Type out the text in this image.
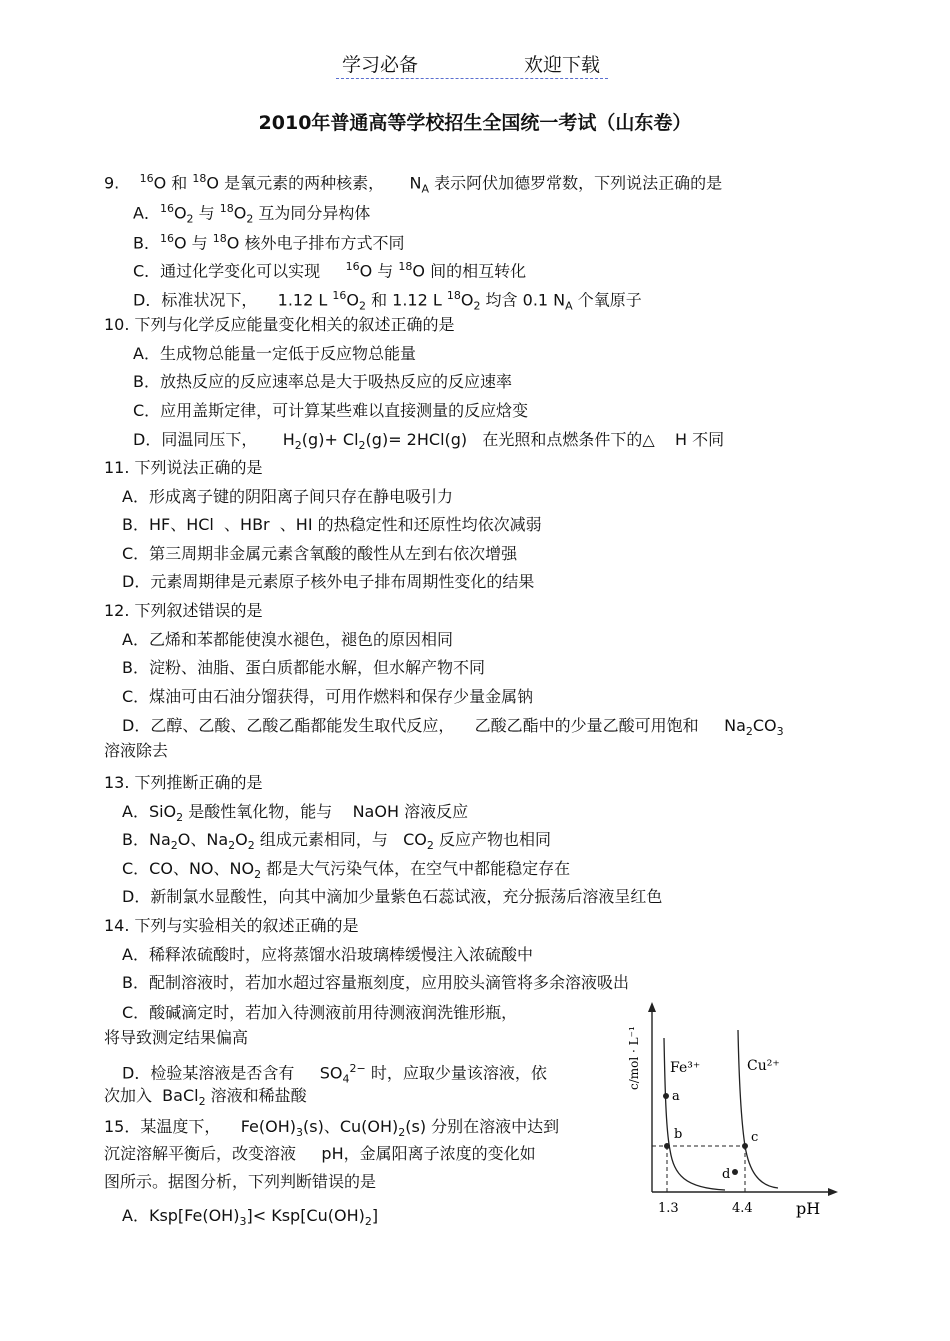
学习必备	欢迎下载
2010年普通高等学校招生全国统一考试（山东卷）
9.    $^{16}$O 和 $^{18}$O 是氧元素的两种核素，     $N_A$ 表示阿伏加德罗常数，下列说法正确的是
A．$^{16}O_2$ 与 $^{18}O_2$ 互为同分异构体
B．$^{16}$O 与 $^{18}$O 核外电子排布方式不同
C．通过化学变化可以实现     $^{16}$O 与 $^{18}$O 间的相互转化
D．标准状况下，    1.12 L $^{16}O_2$ 和 1.12 L $^{18}O_2$ 均含 0.1 $N_A$ 个氧原子
10. 下列与化学反应能量变化相关的叙述正确的是
A．生成物总能量一定低于反应物总能量
B．放热反应的反应速率总是大于吸热反应的反应速率
C．应用盖斯定律，可计算某些难以直接测量的反应焓变
D．同温同压下，     $H_2(g)+ Cl_2(g)= 2HCl(g)$   在光照和点燃条件下的△    H 不同
11. 下列说法正确的是
A．形成离子键的阴阳离子间只存在静电吸引力
B．HF、HCl  、HBr  、HI 的热稳定性和还原性均依次减弱
C．第三周期非金属元素含氧酸的酸性从左到右依次增强
D．元素周期律是元素原子核外电子排布周期性变化的结果
12. 下列叙述错误的是
A．乙烯和苯都能使溴水褪色，褪色的原因相同
B．淀粉、油脂、蛋白质都能水解，但水解产物不同
C．煤油可由石油分馏获得，可用作燃料和保存少量金属钠
D．乙醇、乙酸、乙酸乙酯都能发生取代反应，    乙酸乙酯中的少量乙酸可用饱和     $Na_2CO_3$
溶液除去
13. 下列推断正确的是
A．SiO$_2$ 是酸性氧化物，能与    NaOH 溶液反应
B．$Na_2O$、$Na_2O_2$ 组成元素相同，与   $CO_2$ 反应产物也相同
C．CO、NO、$NO_2$ 都是大气污染气体，在空气中都能稳定存在
D．新制氯水显酸性，向其中滴加少量紫色石蕊试液，充分振荡后溶液呈红色
14. 下列与实验相关的叙述正确的是
A．稀释浓硫酸时，应将蒸馏水沿玻璃棒缓慢注入浓硫酸中
B．配制溶液时，若加水超过容量瓶刻度，应用胶头滴管将多余溶液吸出
C．酸碱滴定时，若加入待测液前用待测液润洗锥形瓶，
将导致测定结果偏高
D．检验某溶液是否含有     $SO_4^{2-}$ 时，应取少量该溶液，依
次加入  BaCl$_2$ 溶液和稀盐酸
15．某温度下，    $Fe(OH)_3(s)$、$Cu(OH)_2(s)$ 分别在溶液中达到
沉淀溶解平衡后，改变溶液     pH，金属阳离子浓度的变化如
图所示。据图分析，下列判断错误的是
A．$Ksp[Fe(OH)_3]< Ksp[Cu(OH)_2]$
a
b	c
d
Fe³⁺	Cu²⁺
c/mol · L⁻¹
1.3	4.4	pH
